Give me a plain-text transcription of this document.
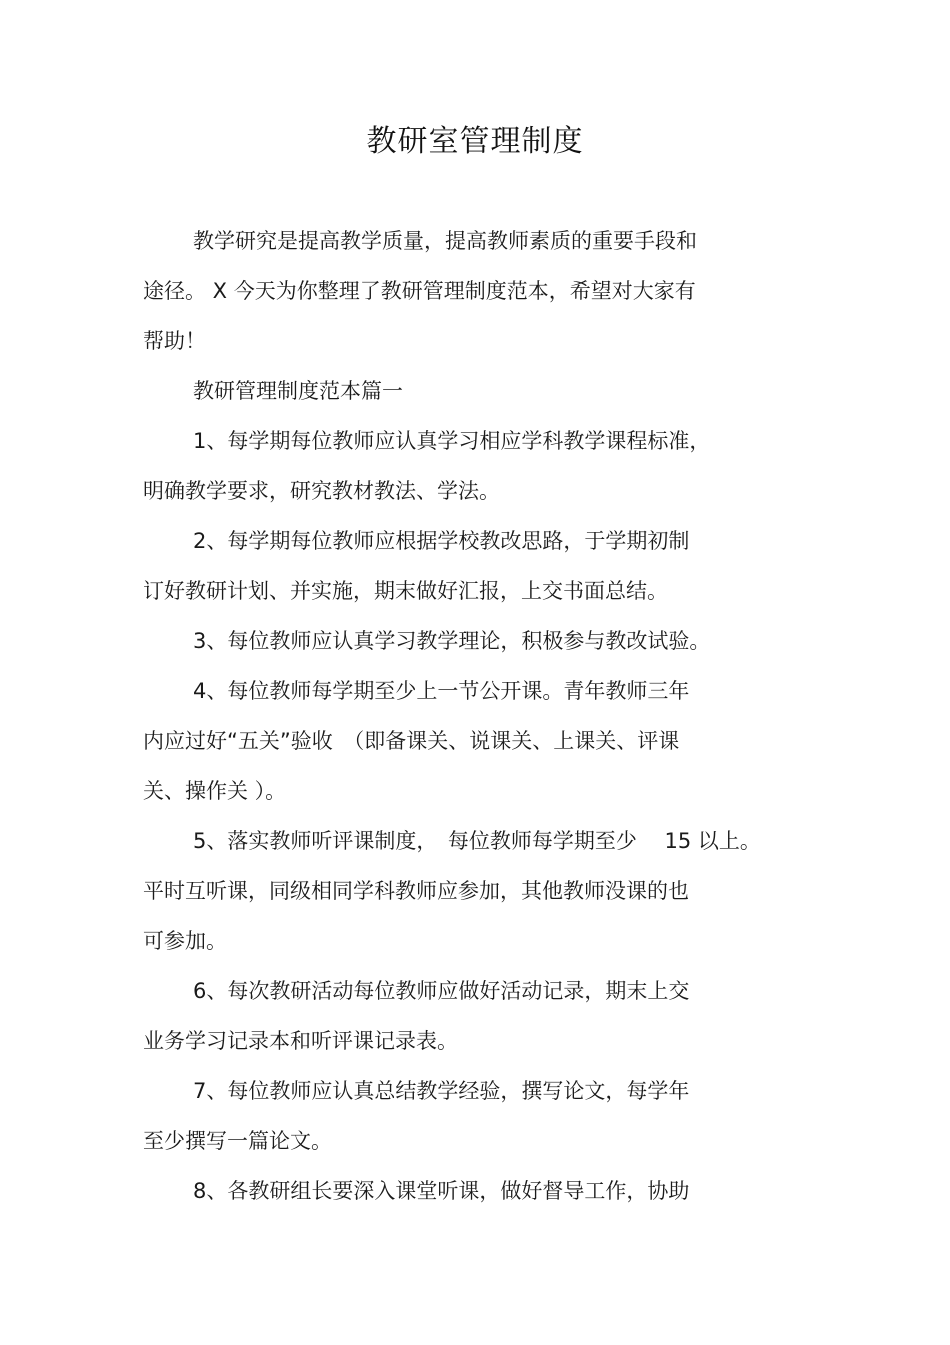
教研室管理制度
教学研究是提高教学质量，提高教师素质的重要手段和
途径。 X 今天为你整理了教研管理制度范本，希望对大家有
帮助！
教研管理制度范本篇一
1、每学期每位教师应认真学习相应学科教学课程标准，
明确教学要求，研究教材教法、学法。
2、每学期每位教师应根据学校教改思路，于学期初制
订好教研计划、并实施，期末做好汇报，上交书面总结。
3、每位教师应认真学习教学理论，积极参与教改试验。
4、每位教师每学期至少上一节公开课。青年教师三年
内应过好“五关”验收　（即备课关、说课关、上课关、评课
关、操作关 ）。
5、落实教师听评课制度，　每位教师每学期至少　 15 以上。
平时互听课，同级相同学科教师应参加，其他教师没课的也
可参加。
6、每次教研活动每位教师应做好活动记录，期末上交
业务学习记录本和听评课记录表。
7、每位教师应认真总结教学经验，撰写论文，每学年
至少撰写一篇论文。
8、各教研组长要深入课堂听课，做好督导工作，协助
